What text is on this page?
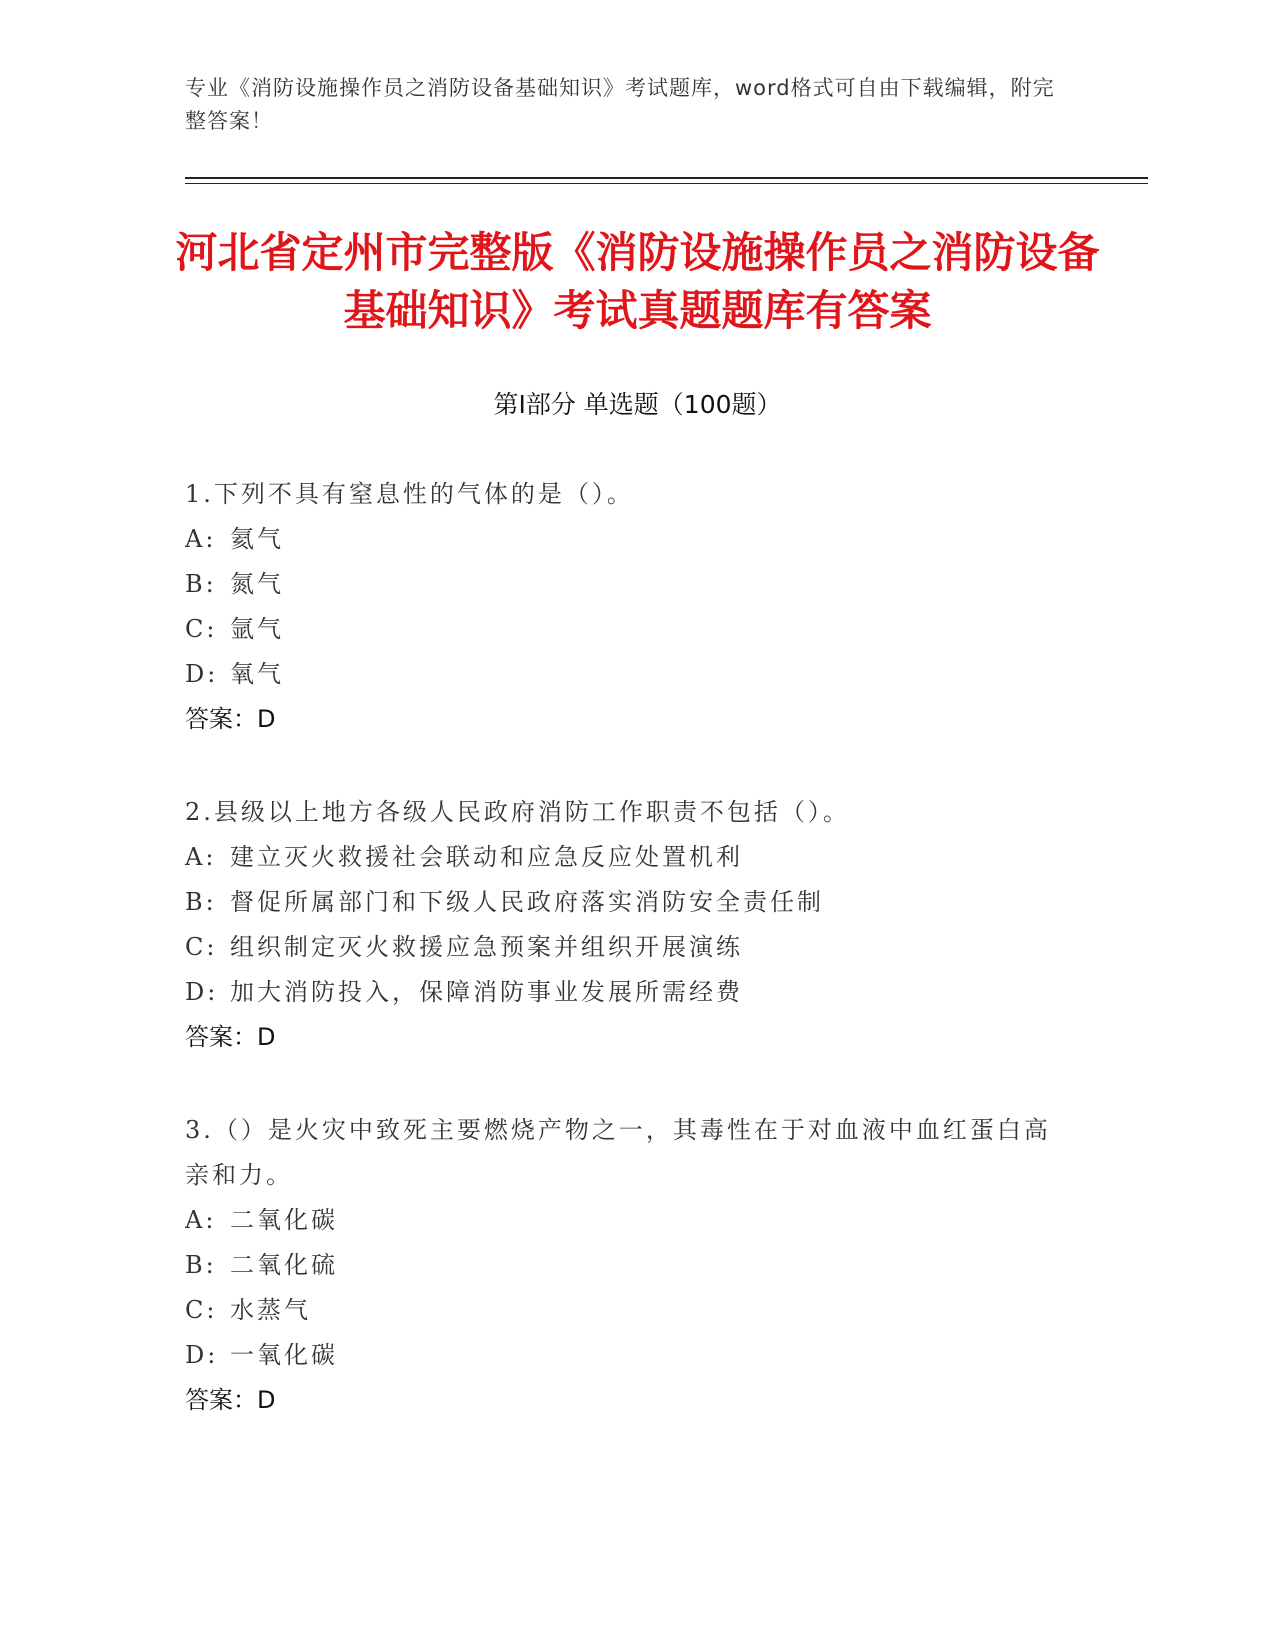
专业《消防设施操作员之消防设备基础知识》考试题库，word格式可自由下载编辑，附完整答案！
河北省定州市完整版《消防设施操作员之消防设备基础知识》考试真题题库有答案
第Ⅰ部分 单选题（100题）
1.下列不具有窒息性的气体的是（）。
A: 氦气
B: 氮气
C: 氩气
D: 氧气
答案：D
2.县级以上地方各级人民政府消防工作职责不包括（）。
A: 建立灭火救援社会联动和应急反应处置机利
B: 督促所属部门和下级人民政府落实消防安全责任制
C: 组织制定灭火救援应急预案并组织开展演练
D: 加大消防投入，保障消防事业发展所需经费
答案：D
3.（）是火灾中致死主要燃烧产物之一，其毒性在于对血液中血红蛋白高亲和力。
A: 二氧化碳
B: 二氧化硫
C: 水蒸气
D: 一氧化碳
答案：D
